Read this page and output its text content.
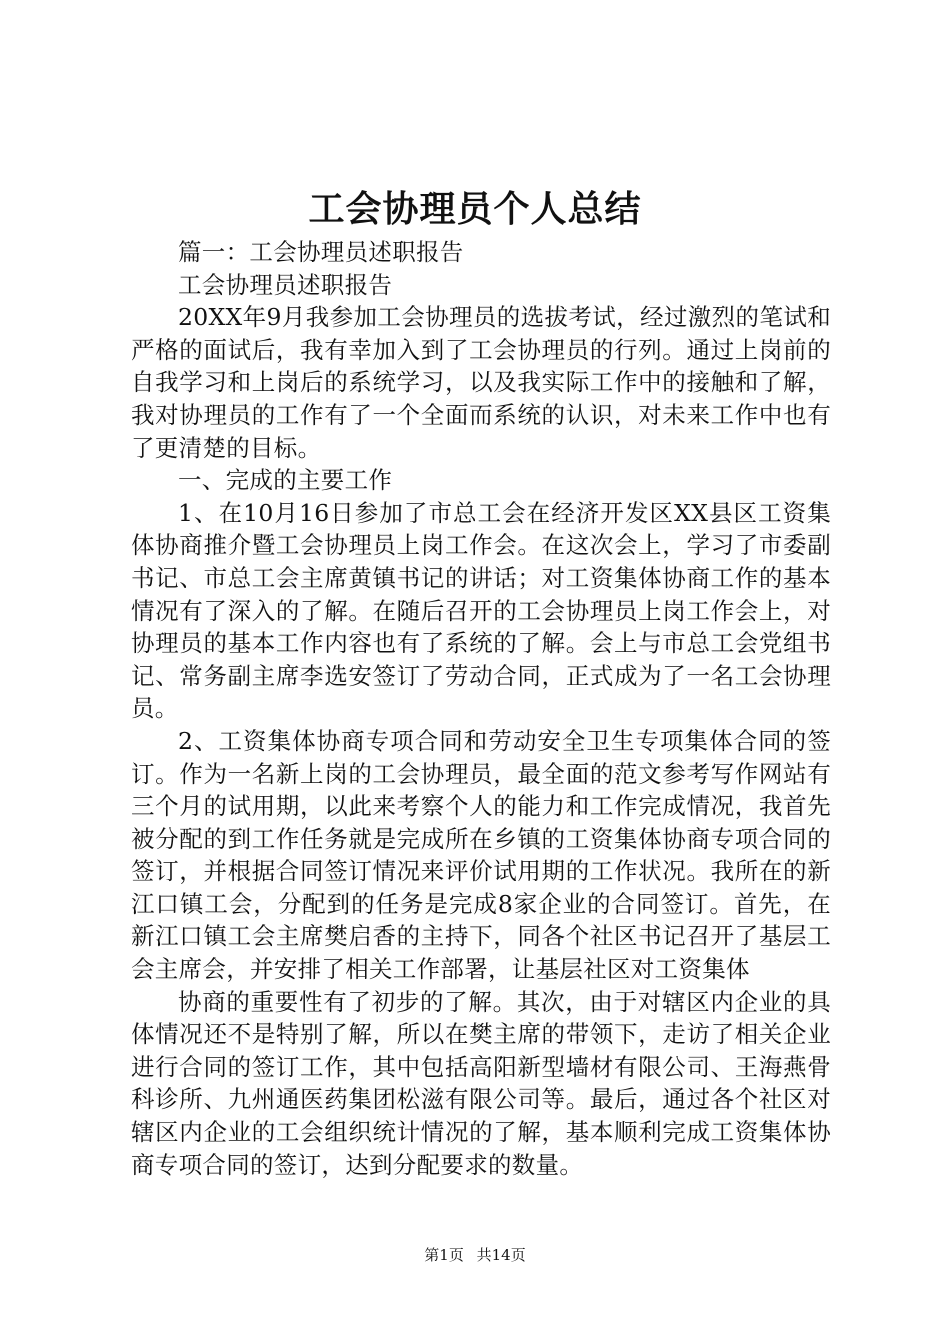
工会协理员个人总结

篇一：工会协理员述职报告

工会协理员述职报告

20XX年9月我参加工会协理员的选拔考试，经过激烈的笔试和严格的面试后，我有幸加入到了工会协理员的行列。通过上岗前的自我学习和上岗后的系统学习，以及我实际工作中的接触和了解，我对协理员的工作有了一个全面而系统的认识，对未来工作中也有了更清楚的目标。

一、完成的主要工作

1、在10月16日参加了市总工会在经济开发区XX县区工资集体协商推介暨工会协理员上岗工作会。在这次会上，学习了市委副书记、市总工会主席黄镇书记的讲话；对工资集体协商工作的基本情况有了深入的了解。在随后召开的工会协理员上岗工作会上，对协理员的基本工作内容也有了系统的了解。会上与市总工会党组书记、常务副主席李选安签订了劳动合同，正式成为了一名工会协理员。

2、工资集体协商专项合同和劳动安全卫生专项集体合同的签订。作为一名新上岗的工会协理员，最全面的范文参考写作网站有三个月的试用期，以此来考察个人的能力和工作完成情况，我首先被分配的到工作任务就是完成所在乡镇的工资集体协商专项合同的签订，并根据合同签订情况来评价试用期的工作状况。我所在的新江口镇工会，分配到的任务是完成8家企业的合同签订。首先，在新江口镇工会主席樊启香的主持下，同各个社区书记召开了基层工会主席会，并安排了相关工作部署，让基层社区对工资集体

协商的重要性有了初步的了解。其次，由于对辖区内企业的具体情况还不是特别了解，所以在樊主席的带领下，走访了相关企业进行合同的签订工作，其中包括高阳新型墙材有限公司、王海燕骨科诊所、九州通医药集团松滋有限公司等。最后，通过各个社区对辖区内企业的工会组织统计情况的了解，基本顺利完成工资集体协商专项合同的签订，达到分配要求的数量。

第1页 共14页
